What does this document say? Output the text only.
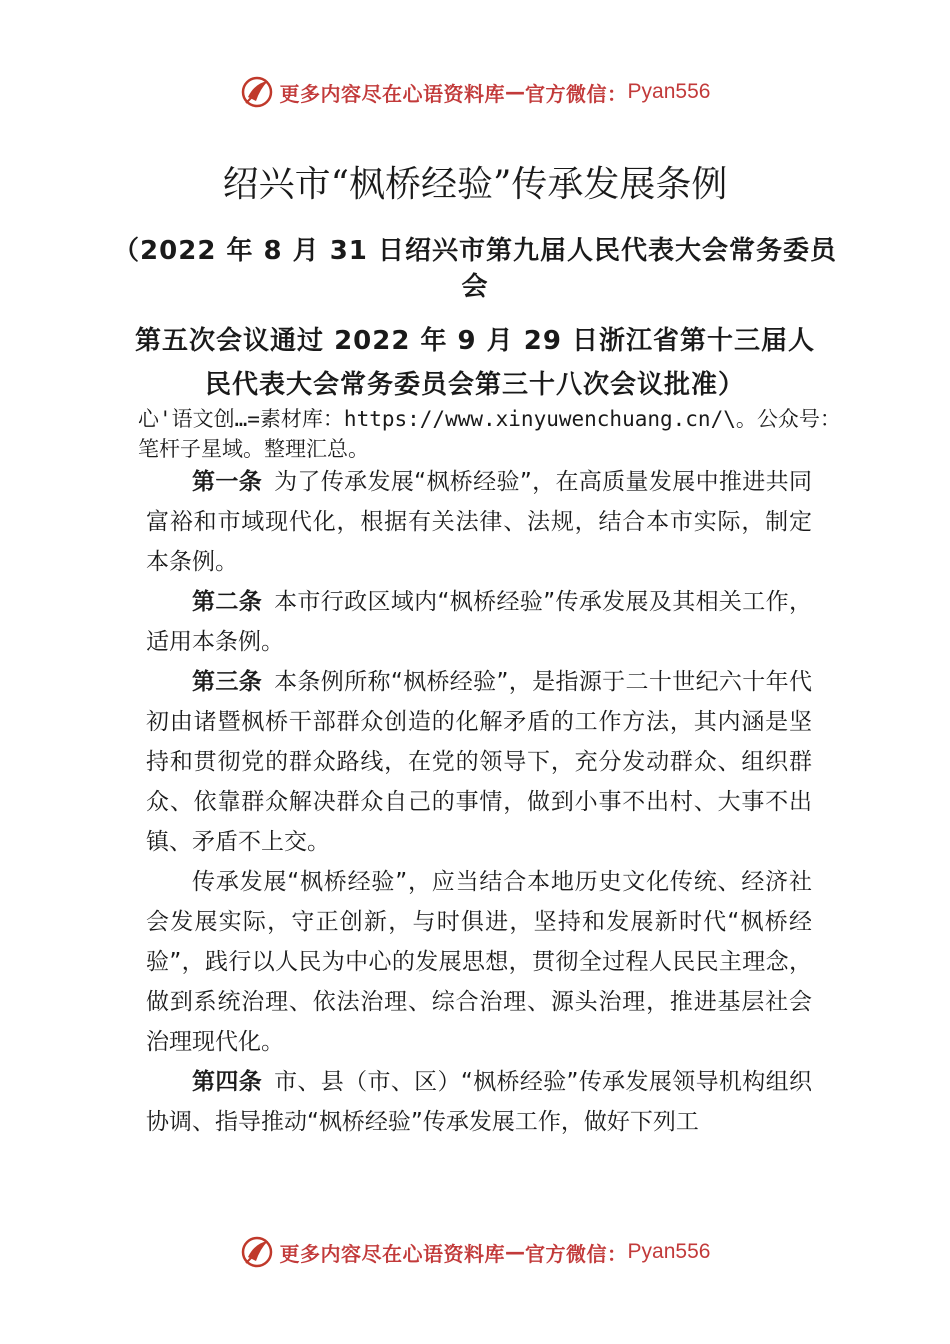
更多内容尽在心语资料库 — 官方微信： Pyan556
绍兴市“枫桥经验”传承发展条例
（2022 年 8 月 31 日绍兴市第九届人民代表大会常务委员
会
第五次会议通过 2022 年 9 月 29 日浙江省第十三届人
民代表大会常务委员会第三十八次会议批准）
心'语文创…=素材库：https://www.xinyuwenchuang.cn/\。公众号：笔杆子星域。整理汇总。

第一条 为了传承发展“枫桥经验”，在高质量发展中推进共同富裕和市域现代化，根据有关法律、法规，结合本市实际，制定本条例。

第二条 本市行政区域内“枫桥经验”传承发展及其相关工作，适用本条例。

第三条 本条例所称“枫桥经验”，是指源于二十世纪六十年代初由诸暨枫桥干部群众创造的化解矛盾的工作方法，其内涵是坚持和贯彻党的群众路线，在党的领导下，充分发动群众、组织群众、依靠群众解决群众自己的事情，做到小事不出村、大事不出镇、矛盾不上交。

传承发展“枫桥经验”，应当结合本地历史文化传统、经济社会发展实际，守正创新，与时俱进，坚持和发展新时代“枫桥经验”，践行以人民为中心的发展思想，贯彻全过程人民民主理念，做到系统治理、依法治理、综合治理、源头治理，推进基层社会治理现代化。

第四条 市、县（市、区）“枫桥经验”传承发展领导机构组织协调、指导推动“枫桥经验”传承发展工作，做好下列工

更多内容尽在心语资料库 — 官方微信： Pyan556
